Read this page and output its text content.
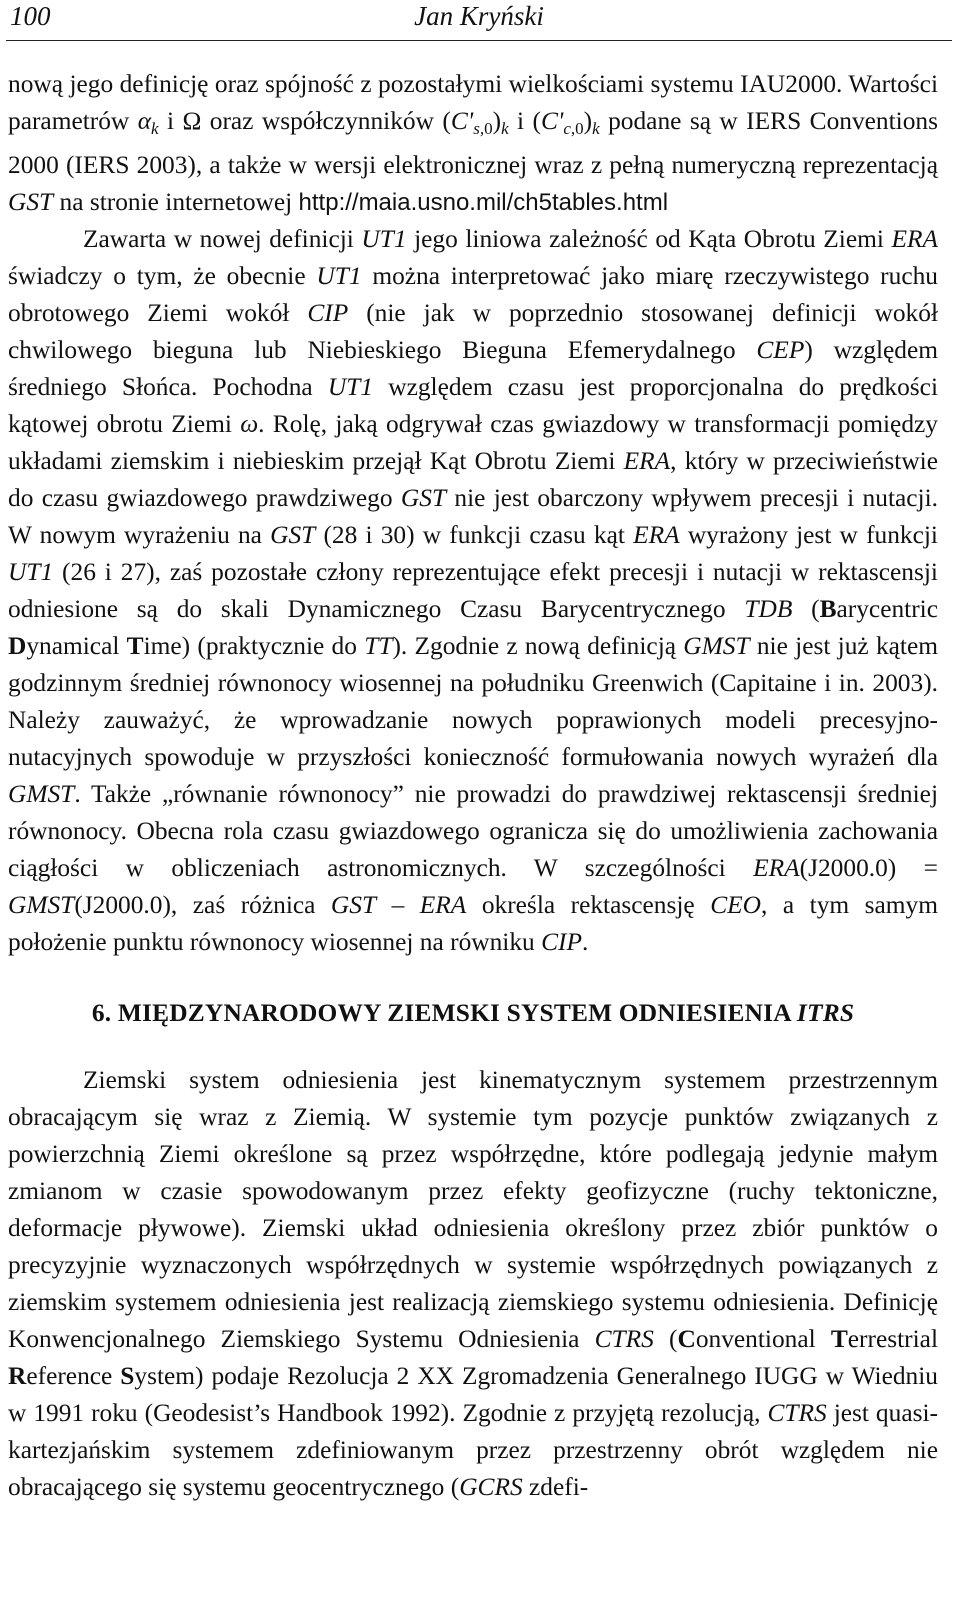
100	Jan Kryński

nową jego definicję oraz spójność z pozostałymi wielkościami systemu IAU2000. Wartości parametrów $\alpha_k$ i Ω oraz współczynników $(C'_{s,}0)_k$ i $(C'_{c,}0)_k$ podane są w IERS Conventions 2000 (IERS 2003), a także w wersji elektronicznej wraz z pełną numeryczną reprezentacją GST na stronie internetowej http://maia.usno.mil/ch5tables.html

Zawarta w nowej definicji UT1 jego liniowa zależność od Kąta Obrotu Ziemi ERA świadczy o tym, że obecnie UT1 można interpretować jako miarę rzeczywistego ruchu obrotowego Ziemi wokół CIP (nie jak w poprzednio stosowanej definicji wokół chwilowego bieguna lub Niebieskiego Bieguna Efemerydalnego CEP) względem średniego Słońca. Pochodna UT1 względem czasu jest proporcjonalna do prędkości kątowej obrotu Ziemi ω. Rolę, jaką odgrywał czas gwiazdowy w transformacji pomiędzy układami ziemskim i niebieskim przejął Kąt Obrotu Ziemi ERA, który w przeciwieństwie do czasu gwiazdowego prawdziwego GST nie jest obarczony wpływem precesji i nutacji. W nowym wyrażeniu na GST (28 i 30) w funkcji czasu kąt ERA wyrażony jest w funkcji UT1 (26 i 27), zaś pozostałe człony reprezentujące efekt precesji i nutacji w rektascensji odniesione są do skali Dynamicznego Czasu Barycentrycznego TDB (Barycentric Dynamical Time) (praktycznie do TT). Zgodnie z nową definicją GMST nie jest już kątem godzinnym średniej równonocy wiosennej na południku Greenwich (Capitaine i in. 2003). Należy zauważyć, że wprowadzanie nowych poprawionych modeli precesyjno-nutacyjnych spowoduje w przyszłości konieczność formułowania nowych wyrażeń dla GMST. Także „równanie równonocy” nie prowadzi do prawdziwej rektascensji średniej równonocy. Obecna rola czasu gwiazdowego ogranicza się do umożliwienia zachowania ciągłości w obliczeniach astronomicznych. W szczególności ERA(J2000.0) = GMST(J2000.0), zaś różnica GST – ERA określa rektascensję CEO, a tym samym położenie punktu równonocy wiosennej na równiku CIP.

6. MIĘDZYNARODOWY ZIEMSKI SYSTEM ODNIESIENIA ITRS

Ziemski system odniesienia jest kinematycznym systemem przestrzennym obracającym się wraz z Ziemią. W systemie tym pozycje punktów związanych z powierzchnią Ziemi określone są przez współrzędne, które podlegają jedynie małym zmianom w czasie spowodowanym przez efekty geofizyczne (ruchy tektoniczne, deformacje pływowe). Ziemski układ odniesienia określony przez zbiór punktów o precyzyjnie wyznaczonych współrzędnych w systemie współrzędnych powiązanych z ziemskim systemem odniesienia jest realizacją ziemskiego systemu odniesienia. Definicję Konwencjonalnego Ziemskiego Systemu Odniesienia CTRS (Conventional Terrestrial Reference System) podaje Rezolucja 2 XX Zgromadzenia Generalnego IUGG w Wiedniu w 1991 roku (Geodesist’s Handbook 1992). Zgodnie z przyjętą rezolucją, CTRS jest quasi-kartezjańskim systemem zdefiniowanym przez przestrzenny obrót względem nie obracającego się systemu geocentrycznego (GCRS zdefi-
